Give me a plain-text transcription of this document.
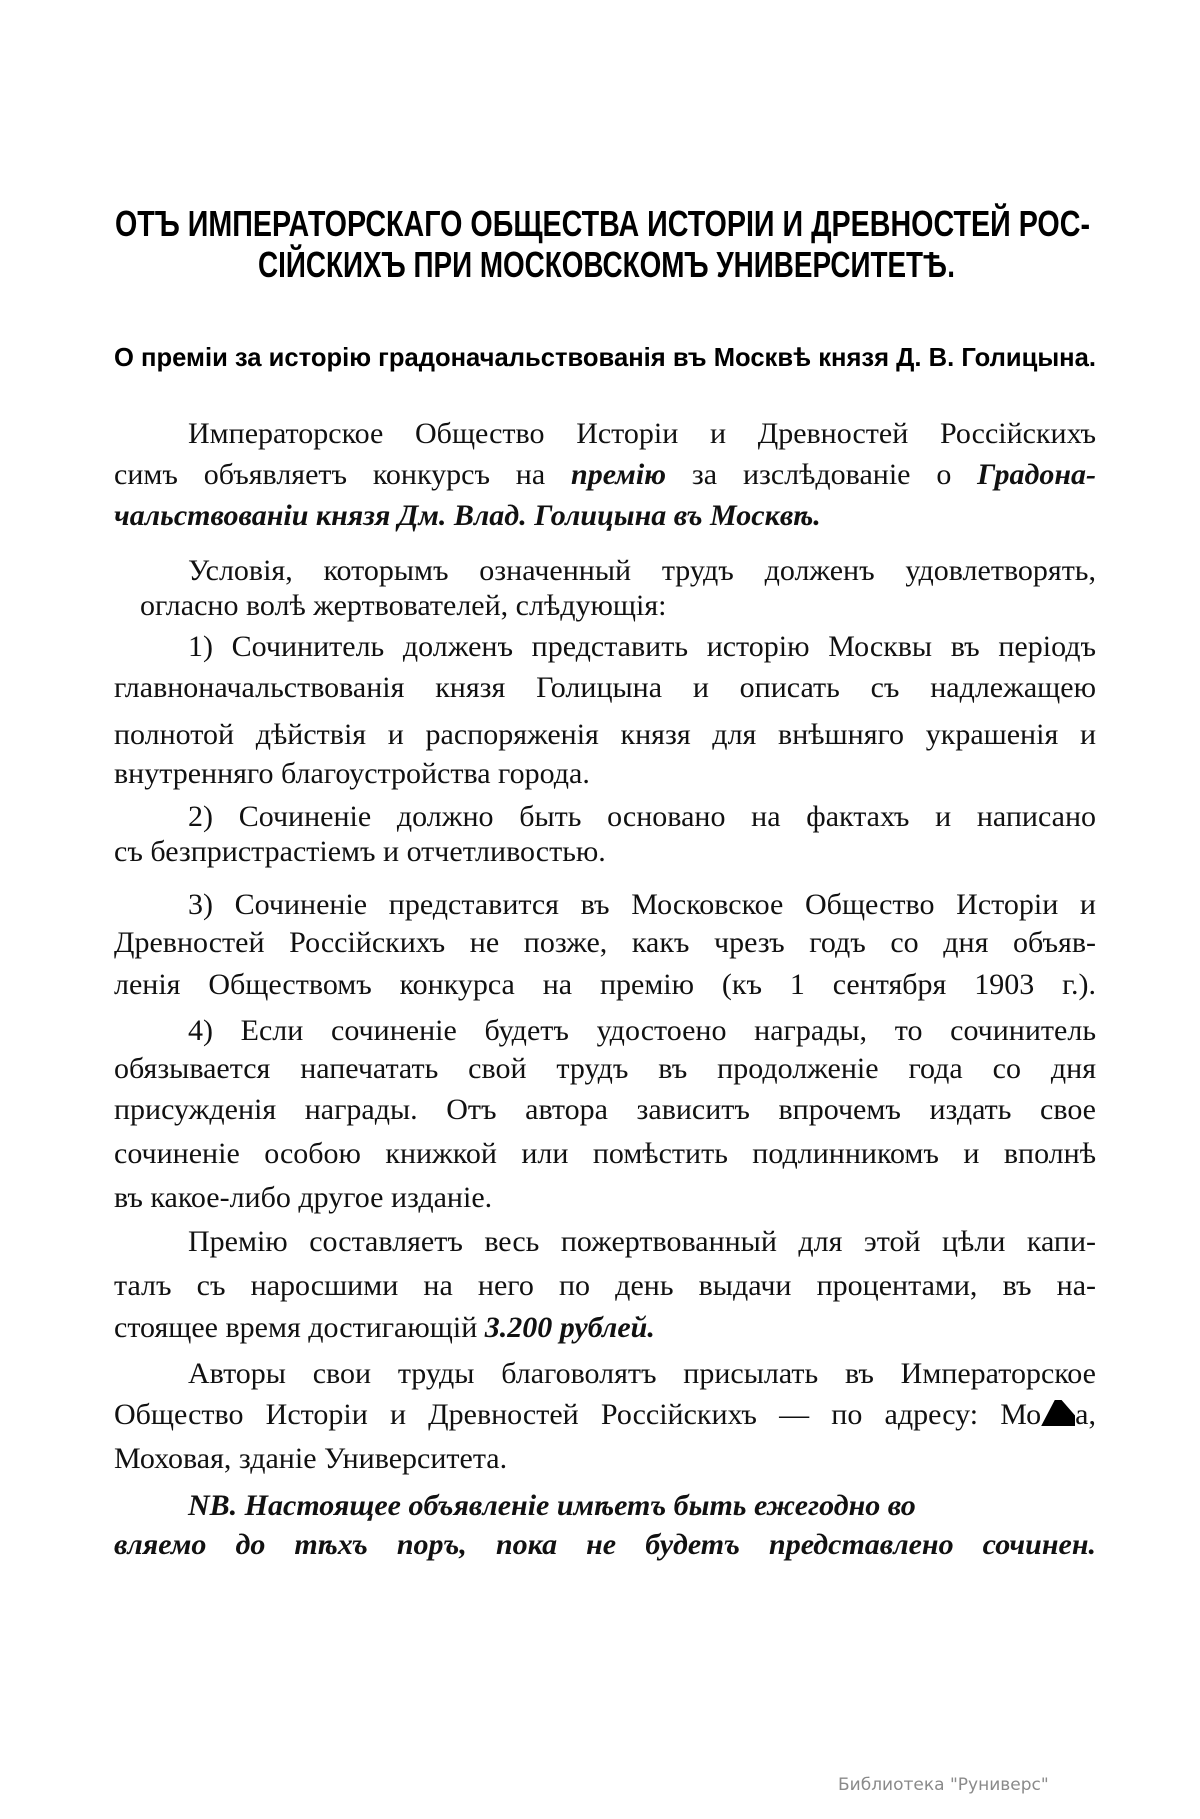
ОТЪ ИМПЕРАТОРСКАГО ОБЩЕСТВА ИСТОРІИ И ДРЕВНОСТЕЙ РОС-
СІЙСКИХЪ ПРИ МОСКОВСКОМЪ УНИВЕРСИТЕТѢ.
О преміи за исторію градоначальствованія въ Москвѣ князя Д. В. Голицына.
Императорское Общество Исторіи и Древностей Россійскихъ
симъ объявляетъ конкурсъ на премію за изслѣдованіе о Градона-
чальствованіи князя Дм. Влад. Голицына въ Москвѣ.
Условія, которымъ означенный трудъ долженъ удовлетворять,
огласно волѣ жертвователей, слѣдующія:
1) Сочинитель долженъ представить исторію Москвы въ періодъ
главноначальствованія князя Голицына и описать съ надлежащею
полнотой дѣйствія и распоряженія князя для внѣшняго украшенія и
внутренняго благоустройства города.
2) Сочиненіе должно быть основано на фактахъ и написано
съ безпристрастіемъ и отчетливостью.
3) Сочиненіе представится въ Московское Общество Исторіи и
Древностей Россійскихъ не позже, какъ чрезъ годъ со дня объяв-
ленія Обществомъ конкурса на премію (къ 1 сентября 1903 г.).
4) Если сочиненіе будетъ удостоено награды, то сочинитель
обязывается напечатать свой трудъ въ продолженіе года со дня
присужденія награды. Отъ автора зависитъ впрочемъ издать свое
сочиненіе особою книжкой или помѣстить подлинникомъ и вполнѣ
въ какое-либо другое изданіе.
Премію составляетъ весь пожертвованный для этой цѣли капи-
талъ съ наросшими на него по день выдачи процентами, въ на-
стоящее время достигающій 3.200 рублей.
Авторы свои труды благоволятъ присылать въ Императорское
Общество Исторіи и Древностей Россійскихъ — по адресу: Мо а,
Моховая, зданіе Университета.
NB. Настоящее объявленіе имѣетъ быть ежегодно во
вляемо до тѣхъ поръ, пока не будетъ представлено сочинен.
Библиотека "Руниверс"
